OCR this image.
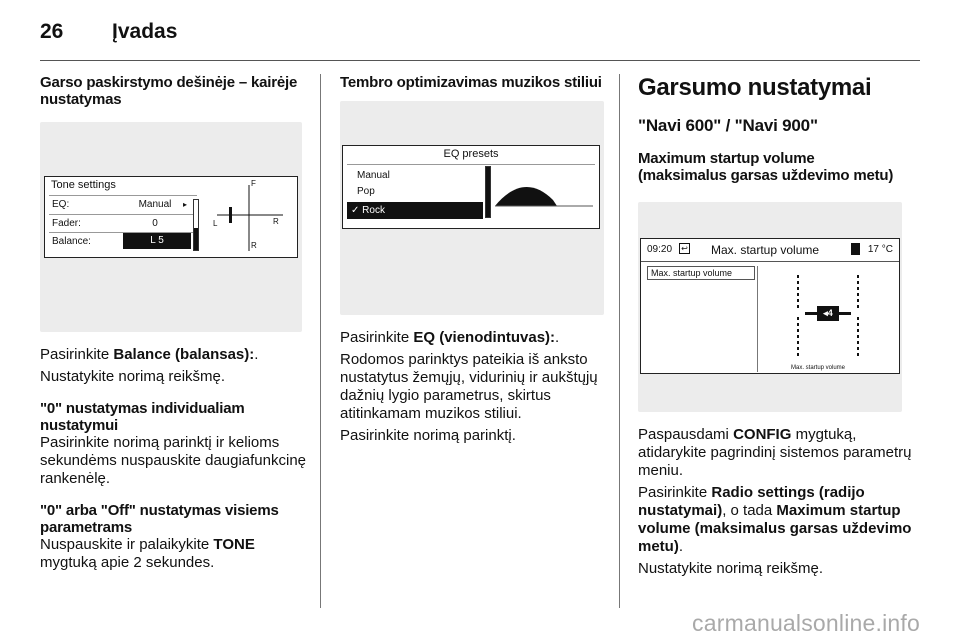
26 Įvadas
Garso paskirstymo dešinėje – kairėje nustatymas
Tone settings
EQ:	Manual	▸
Fader:	0
Balance:	L 5
F
L	R
R
Pasirinkite Balance (balansas):.
Nustatykite norimą reikšmę.
"0" nustatymas individualiam nustatymui
Pasirinkite norimą parinktį ir kelioms sekundėms nuspauskite daugiafunkcinę rankenėlę.
"0" arba "Off" nustatymas visiems parametrams
Nuspauskite ir palaikykite TONE mygtuką apie 2 sekundes.
Tembro optimizavimas muzikos stiliui
EQ presets
Manual
Pop
✓ Rock
Pasirinkite EQ (vienodintuvas):.
Rodomos parinktys pateikia iš anksto nustatytus žemųjų, vidurinių ir aukštųjų dažnių lygio parametrus, skirtus atitinkamam muzikos stiliui.
Pasirinkite norimą parinktį.
Garsumo nustatymai
"Navi 600" / "Navi 900"
Maximum startup volume
(maksimalus garsas uždevimo metu)
09:20 ↩ Max. startup volume	17 °C
Max. startup volume
◂4
Max. startup volume
Paspausdami CONFIG mygtuką, atidarykite pagrindinį sistemos parametrų meniu.
Pasirinkite Radio settings (radijo nustatymai), o tada Maximum startup volume (maksimalus garsas uždevimo metu).
Nustatykite norimą reikšmę.
carmanualsonline.info
